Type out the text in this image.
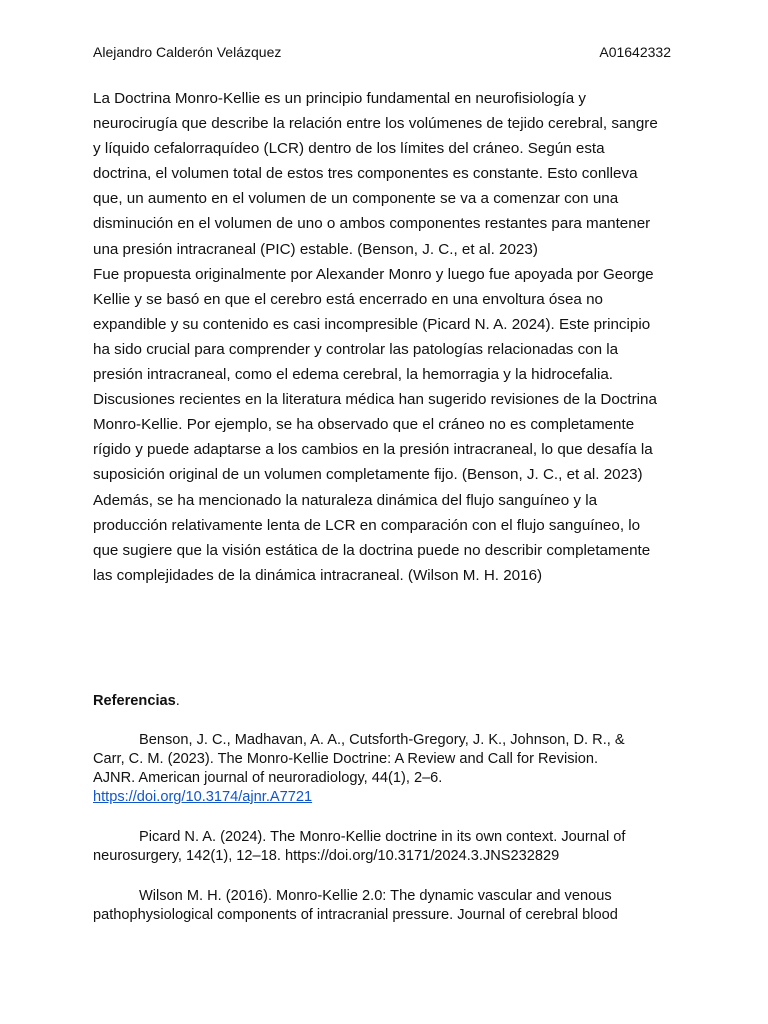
Alejandro Calderón Velázquez	A01642332
La Doctrina Monro-Kellie es un principio fundamental en neurofisiología y
neurocirugía que describe la relación entre los volúmenes de tejido cerebral, sangre
y líquido cefalorraquídeo (LCR) dentro de los límites del cráneo. Según esta
doctrina, el volumen total de estos tres componentes es constante. Esto conlleva
que, un aumento en el volumen de un componente se va a comenzar con una
disminución en el volumen de uno o ambos componentes restantes para mantener
una presión intracraneal (PIC) estable. (Benson, J. C., et al. 2023)
Fue propuesta originalmente por Alexander Monro y luego fue apoyada por George
Kellie y se basó en que el cerebro está encerrado en una envoltura ósea no
expandible y su contenido es casi incompresible (Picard N. A. 2024). Este principio
ha sido crucial para comprender y controlar las patologías relacionadas con la
presión intracraneal, como el edema cerebral, la hemorragia y la hidrocefalia.
Discusiones recientes en la literatura médica han sugerido revisiones de la Doctrina
Monro-Kellie. Por ejemplo, se ha observado que el cráneo no es completamente
rígido y puede adaptarse a los cambios en la presión intracraneal, lo que desafía la
suposición original de un volumen completamente fijo. (Benson, J. C., et al. 2023)
Además, se ha mencionado la naturaleza dinámica del flujo sanguíneo y la
producción relativamente lenta de LCR en comparación con el flujo sanguíneo, lo
que sugiere que la visión estática de la doctrina puede no describir completamente
las complejidades de la dinámica intracraneal. (Wilson M. H. 2016)
Referencias.
Benson, J. C., Madhavan, A. A., Cutsforth-Gregory, J. K., Johnson, D. R., &
Carr, C. M. (2023). The Monro-Kellie Doctrine: A Review and Call for Revision.
AJNR. American journal of neuroradiology, 44(1), 2–6.
https://doi.org/10.3174/ajnr.A7721
Picard N. A. (2024). The Monro-Kellie doctrine in its own context. Journal of
neurosurgery, 142(1), 12–18. https://doi.org/10.3171/2024.3.JNS232829
Wilson M. H. (2016). Monro-Kellie 2.0: The dynamic vascular and venous
pathophysiological components of intracranial pressure. Journal of cerebral blood
